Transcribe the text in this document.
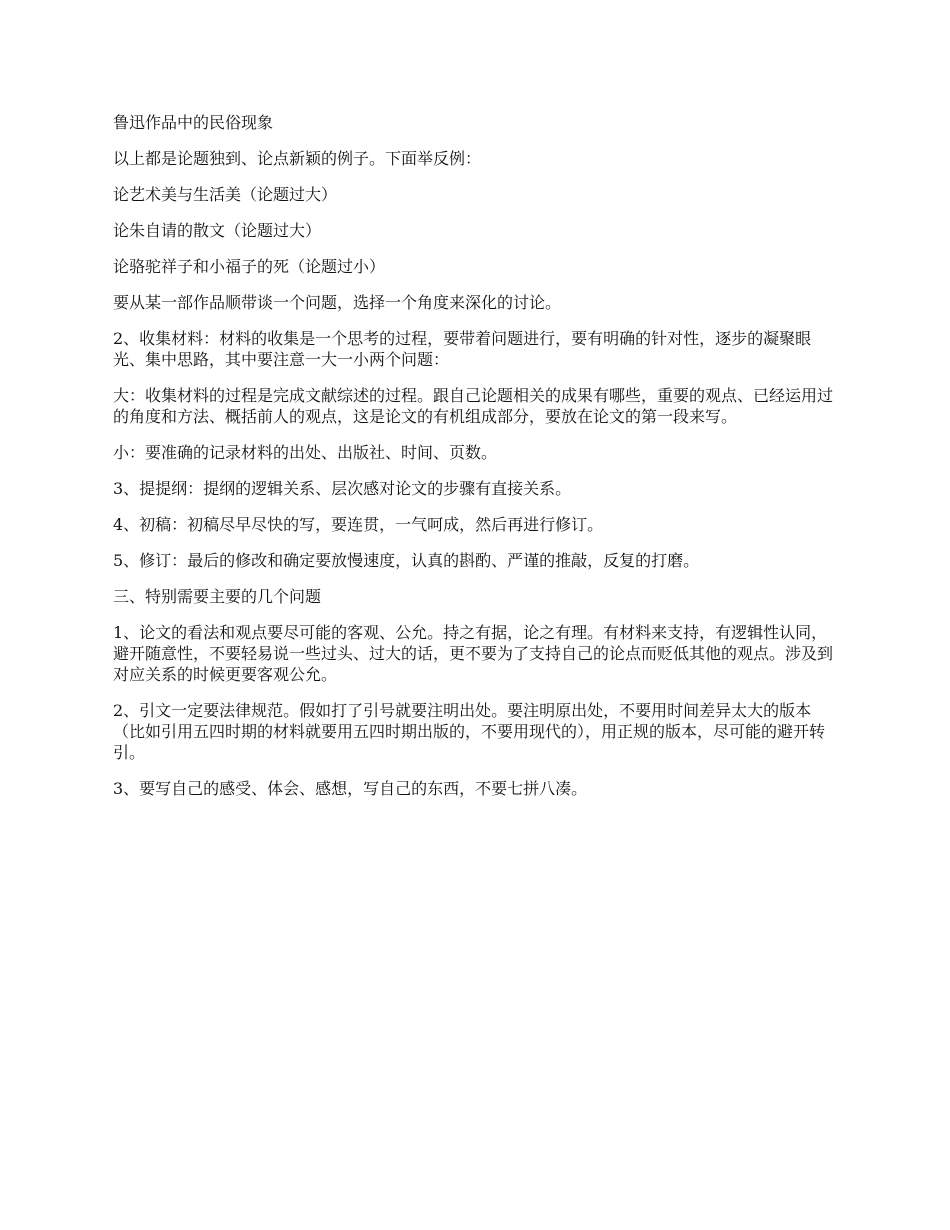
鲁迅作品中的民俗现象

以上都是论题独到、论点新颖的例子。下面举反例：

论艺术美与生活美（论题过大）

论朱自请的散文（论题过大）

论骆驼祥子和小福子的死（论题过小）

要从某一部作品顺带谈一个问题，选择一个角度来深化的讨论。

2、收集材料：材料的收集是一个思考的过程，要带着问题进行，要有明确的针对性，逐步的凝聚眼光、集中思路，其中要注意一大一小两个问题：

大：收集材料的过程是完成文献综述的过程。跟自己论题相关的成果有哪些，重要的观点、已经运用过的角度和方法、概括前人的观点，这是论文的有机组成部分，要放在论文的第一段来写。

小：要准确的记录材料的出处、出版社、时间、页数。

3、提提纲：提纲的逻辑关系、层次感对论文的步骤有直接关系。

4、初稿：初稿尽早尽快的写，要连贯，一气呵成，然后再进行修订。

5、修订：最后的修改和确定要放慢速度，认真的斟酌、严谨的推敲，反复的打磨。

三、特别需要主要的几个问题

1、论文的看法和观点要尽可能的客观、公允。持之有据，论之有理。有材料来支持，有逻辑性认同，避开随意性，不要轻易说一些过头、过大的话，更不要为了支持自己的论点而贬低其他的观点。涉及到对应关系的时候更要客观公允。

2、引文一定要法律规范。假如打了引号就要注明出处。要注明原出处，不要用时间差异太大的版本（比如引用五四时期的材料就要用五四时期出版的，不要用现代的），用正规的版本，尽可能的避开转引。

3、要写自己的感受、体会、感想，写自己的东西，不要七拼八凑。
